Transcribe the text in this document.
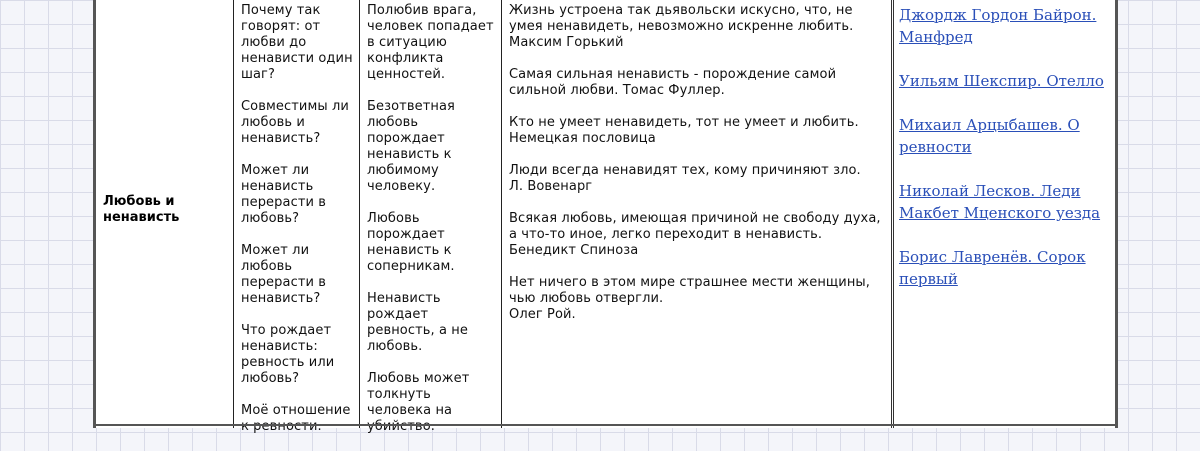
Любовь и ненависть

Почему так говорят: от любви до ненависти один шаг?

Совместимы ли любовь и ненависть?

Может ли ненависть перерасти в любовь?

Может ли любовь перерасти в ненависть?

Что рождает ненависть: ревность или любовь?

Моё отношение к ревности.

Полюбив врага, человек попадает в ситуацию конфликта ценностей.

Безответная любовь порождает ненависть к любимому человеку.

Любовь порождает ненависть к соперникам.

Ненависть рождает ревность, а не любовь.

Любовь может толкнуть человека на убийство.

Жизнь устроена так дьявольски искусно, что, не умея ненавидеть, невозможно искренне любить.
Максим Горький

Самая сильная ненависть - порождение самой сильной любви. Томас Фуллер.

Кто не умеет ненавидеть, тот не умеет и любить.
Немецкая пословица

Люди всегда ненавидят тех, кому причиняют зло.
Л. Вовенарг

Всякая любовь, имеющая причиной не свободу духа, а что-то иное, легко переходит в ненависть.
Бенедикт Спиноза

Нет ничего в этом мире страшнее мести женщины, чью любовь отвергли.
Олег Рой.

Джордж Гордон Байрон. Манфред
Уильям Шекспир. Отелло
Михаил Арцыбашев. О ревности
Николай Лесков. Леди Макбет Мценского уезда
Борис Лавренёв. Сорок первый
